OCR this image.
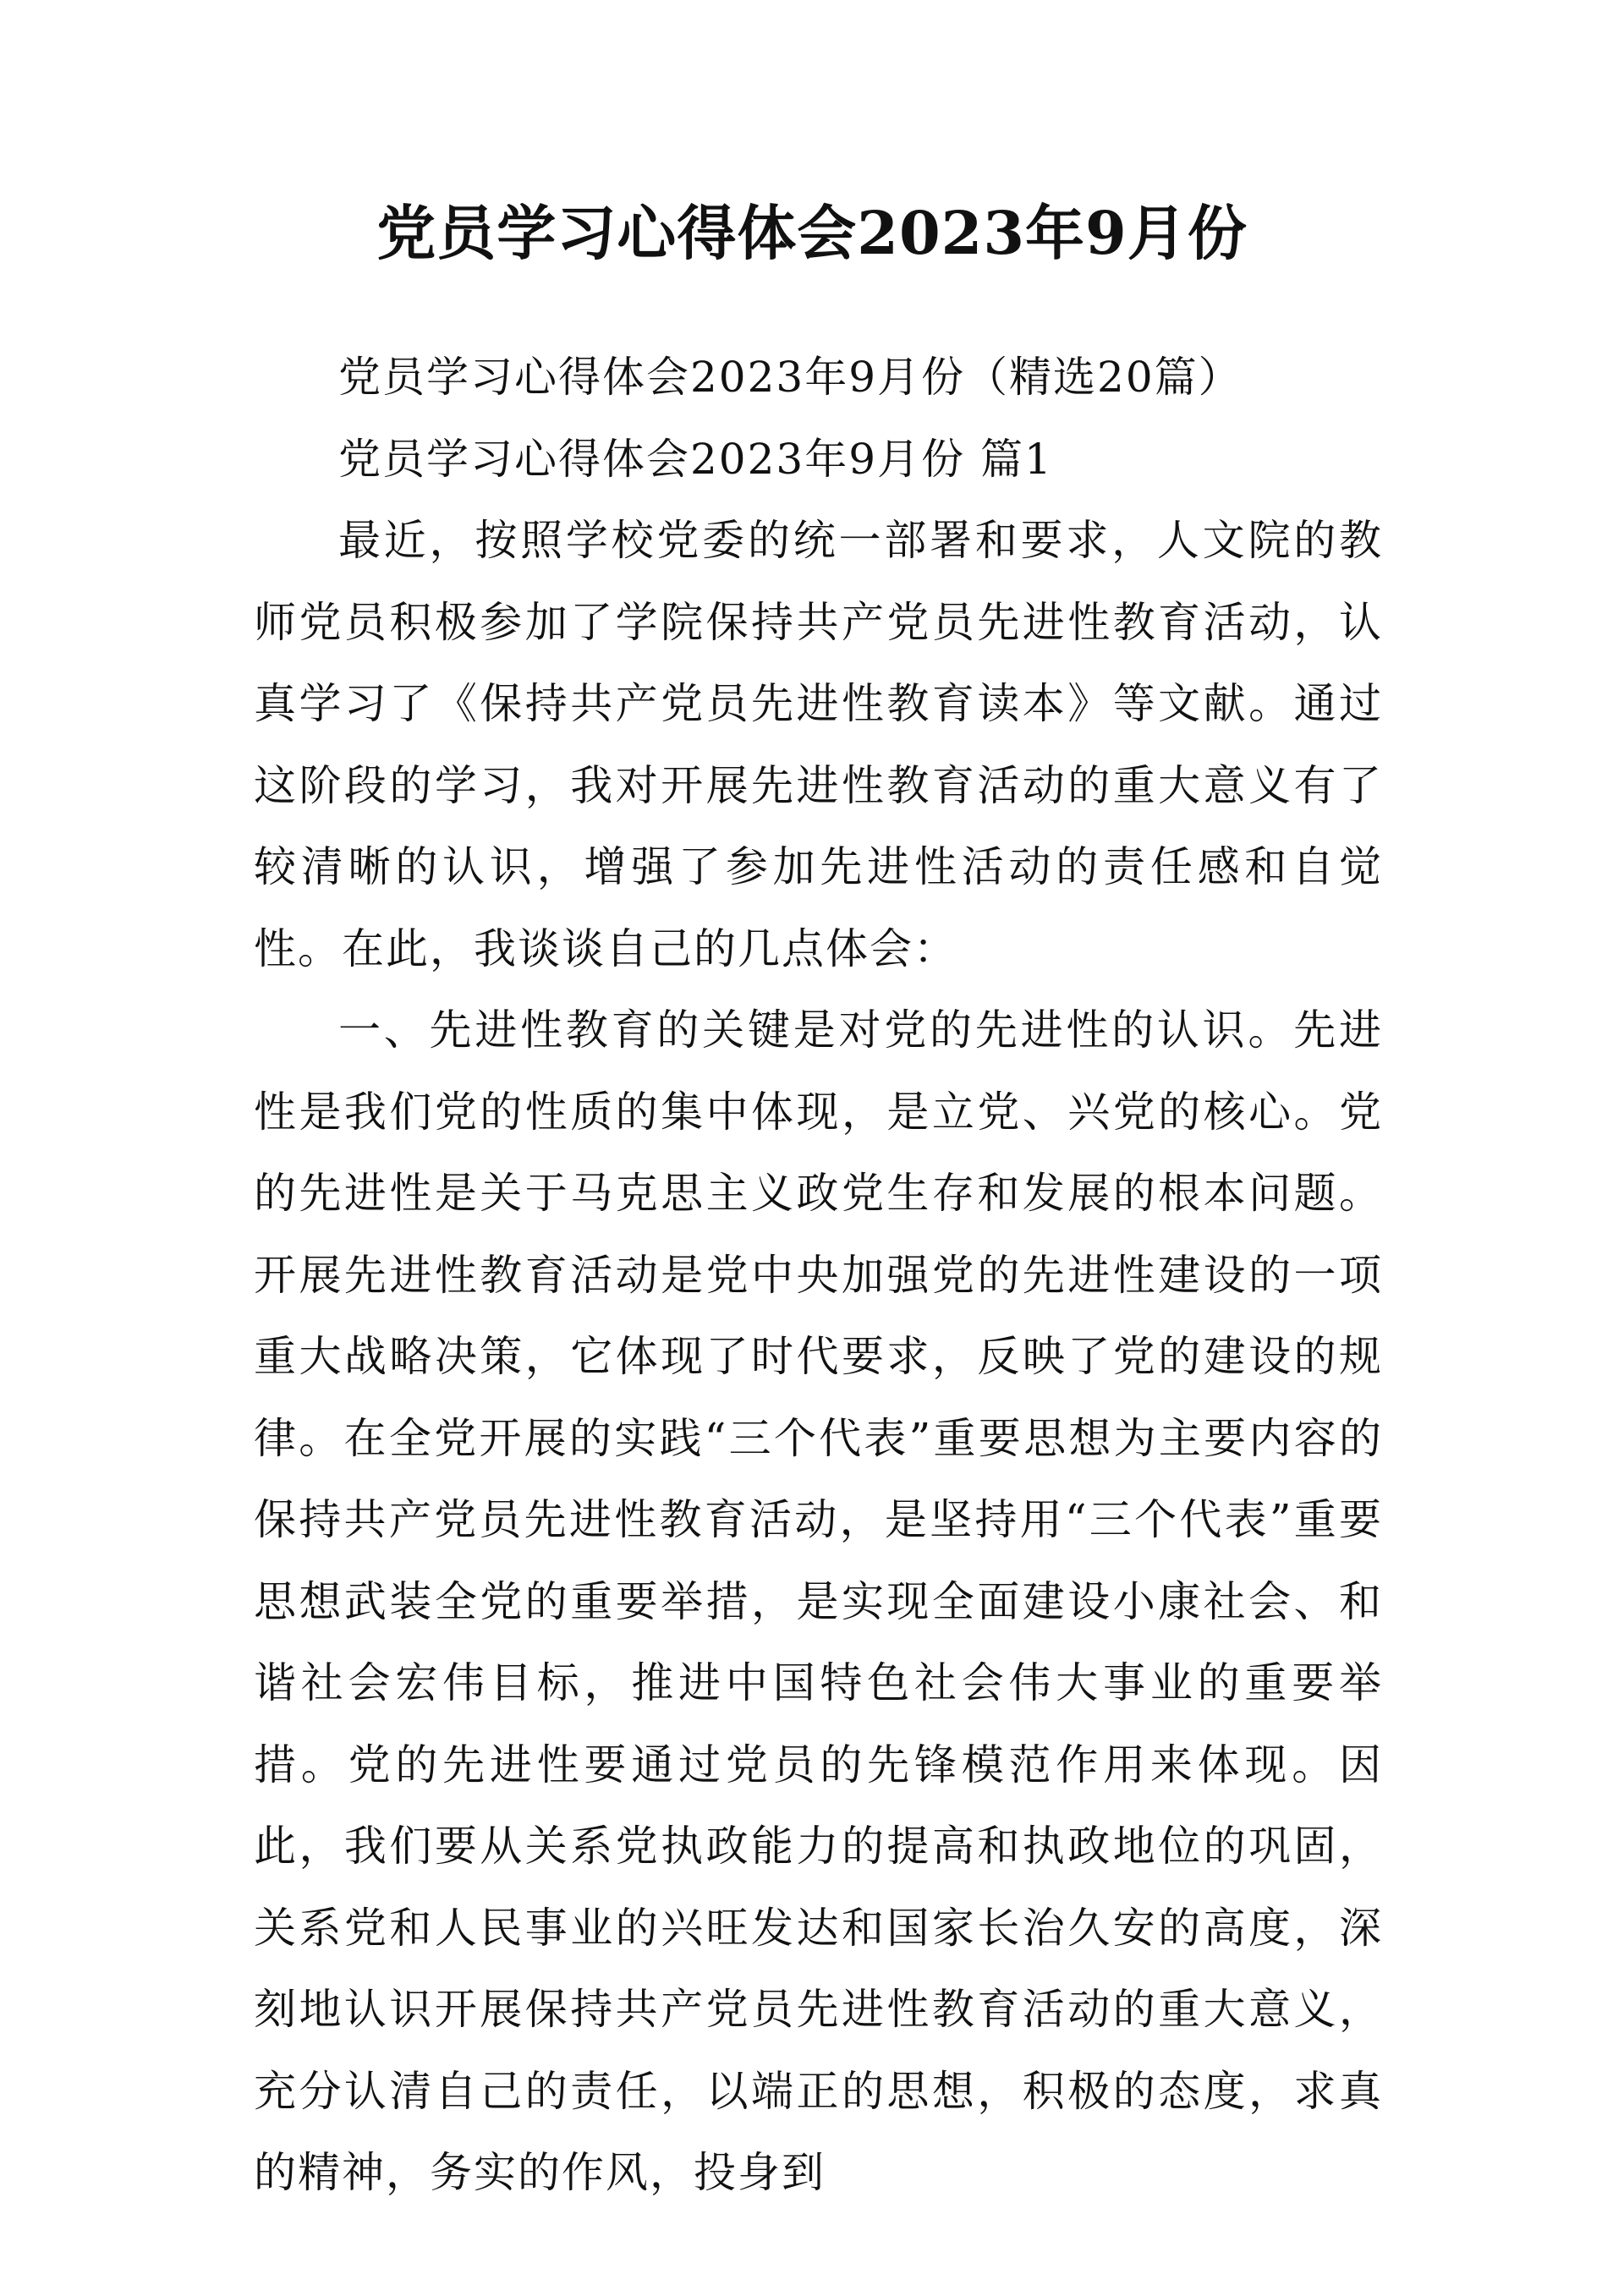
党员学习心得体会2023年9月份

党员学习心得体会2023年9月份（精选20篇）

党员学习心得体会2023年9月份 篇1

最近，按照学校党委的统一部署和要求，人文院的教师党员积极参加了学院保持共产党员先进性教育活动，认真学习了《保持共产党员先进性教育读本》等文献。通过这阶段的学习，我对开展先进性教育活动的重大意义有了较清晰的认识，增强了参加先进性活动的责任感和自觉性。在此，我谈谈自己的几点体会：

一、先进性教育的关键是对党的先进性的认识。先进性是我们党的性质的集中体现，是立党、兴党的核心。党的先进性是关于马克思主义政党生存和发展的根本问题。开展先进性教育活动是党中央加强党的先进性建设的一项重大战略决策，它体现了时代要求，反映了党的建设的规律。在全党开展的实践“三个代表”重要思想为主要内容的保持共产党员先进性教育活动，是坚持用“三个代表”重要思想武装全党的重要举措，是实现全面建设小康社会、和谐社会宏伟目标，推进中国特色社会伟大事业的重要举措。党的先进性要通过党员的先锋模范作用来体现。因此，我们要从关系党执政能力的提高和执政地位的巩固，关系党和人民事业的兴旺发达和国家长治久安的高度，深刻地认识开展保持共产党员先进性教育活动的重大意义，充分认清自己的责任，以端正的思想，积极的态度，求真的精神，务实的作风，投身到
